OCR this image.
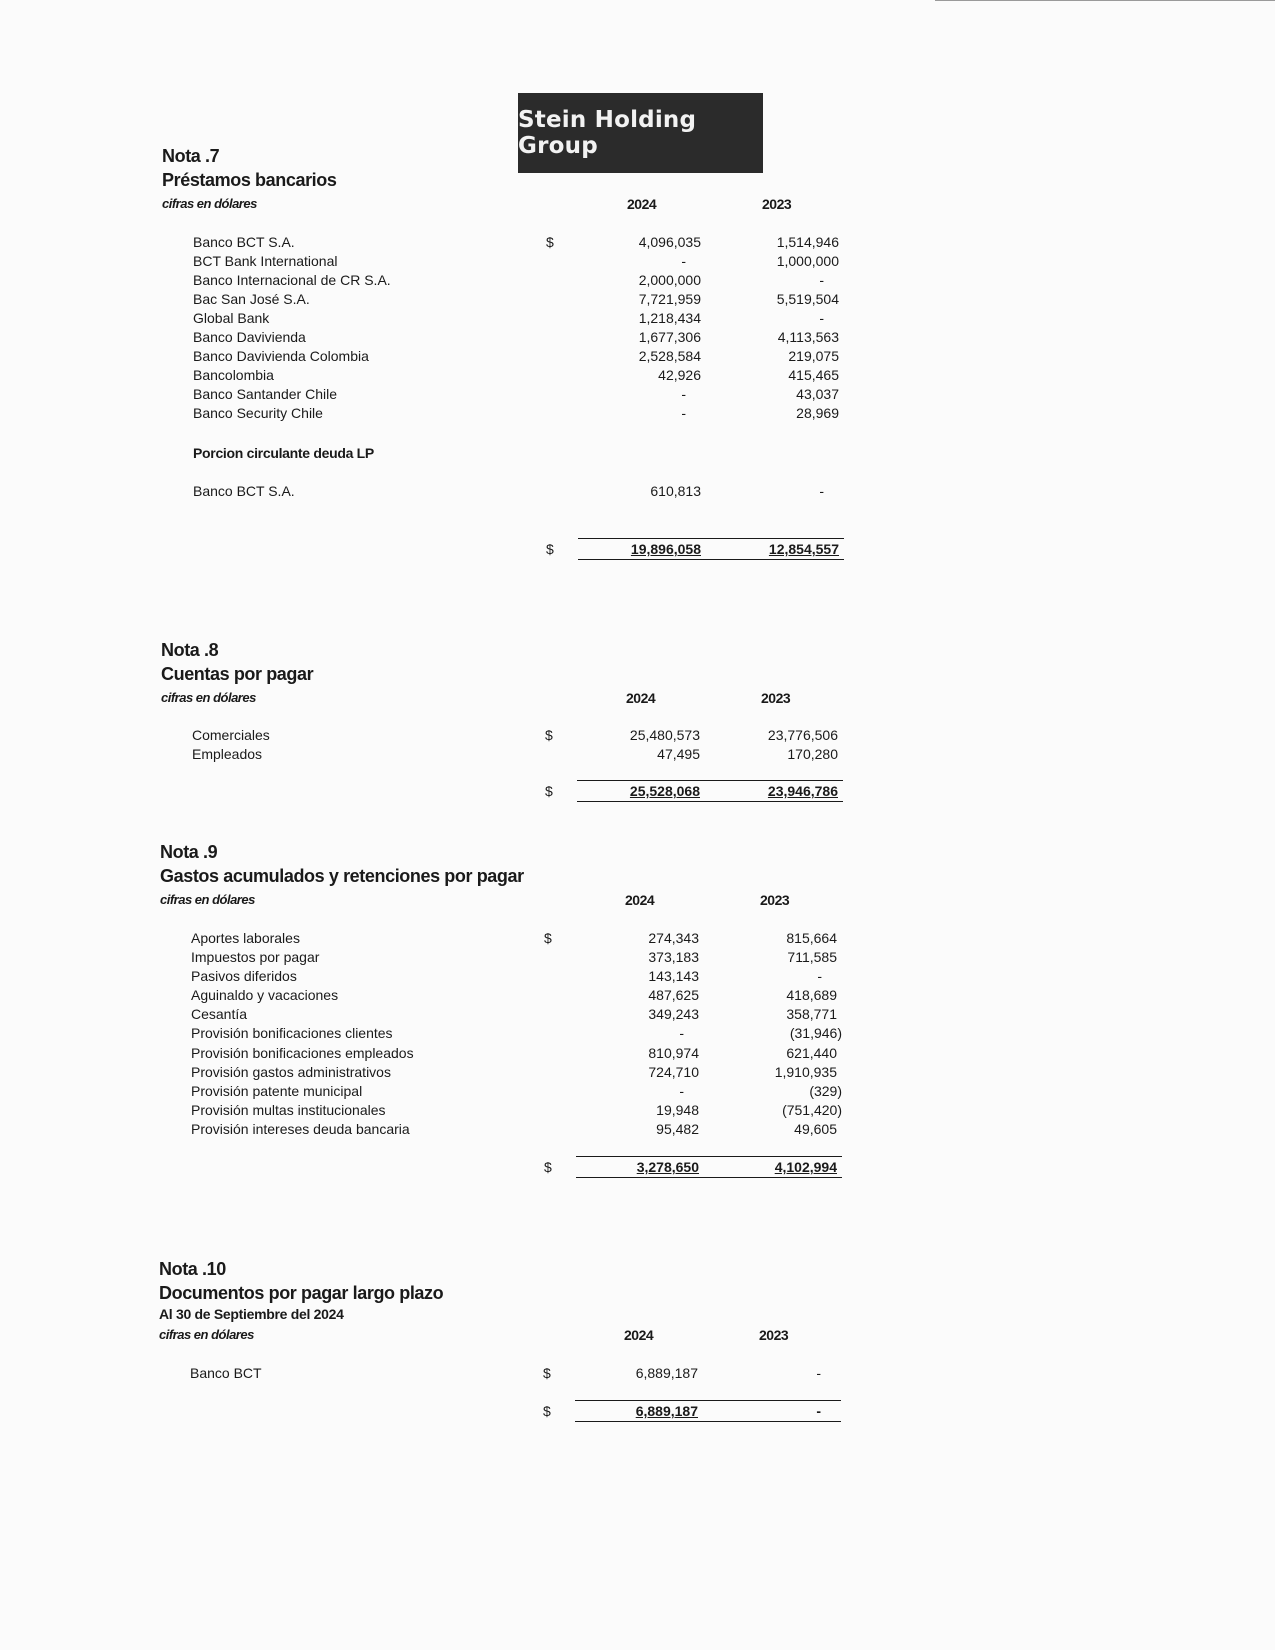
Stein Holding Group
Nota .7
Préstamos bancarios
cifras en dólares	2024	2023
Banco BCT S.A.	$	4,096,035	1,514,946
BCT Bank International	-	1,000,000
Banco Internacional de CR S.A.	2,000,000	-
Bac San José S.A.	7,721,959	5,519,504
Global Bank	1,218,434	-
Banco Davivienda	1,677,306	4,113,563
Banco Davivienda Colombia	2,528,584	219,075
Bancolombia	42,926	415,465
Banco Santander Chile	-	43,037
Banco Security Chile	-	28,969
Porcion circulante deuda LP
Banco BCT S.A.	610,813	-
$	19,896,058	12,854,557
Nota .8
Cuentas por pagar
cifras en dólares	2024	2023
Comerciales	$	25,480,573	23,776,506
Empleados	47,495	170,280
$	25,528,068	23,946,786
Nota .9
Gastos acumulados y retenciones por pagar
cifras en dólares	2024	2023
Aportes laborales	$	274,343	815,664
Impuestos por pagar	373,183	711,585
Pasivos diferidos	143,143	-
Aguinaldo y vacaciones	487,625	418,689
Cesantía	349,243	358,771
Provisión bonificaciones clientes	-	(31,946)
Provisión bonificaciones empleados	810,974	621,440
Provisión gastos administrativos	724,710	1,910,935
Provisión patente municipal	-	(329)
Provisión multas institucionales	19,948	(751,420)
Provisión intereses deuda bancaria	95,482	49,605
$	3,278,650	4,102,994
Nota .10
Documentos por pagar largo plazo
Al 30 de Septiembre del 2024
cifras en dólares	2024	2023
Banco BCT	$	6,889,187	-
$	6,889,187	-
